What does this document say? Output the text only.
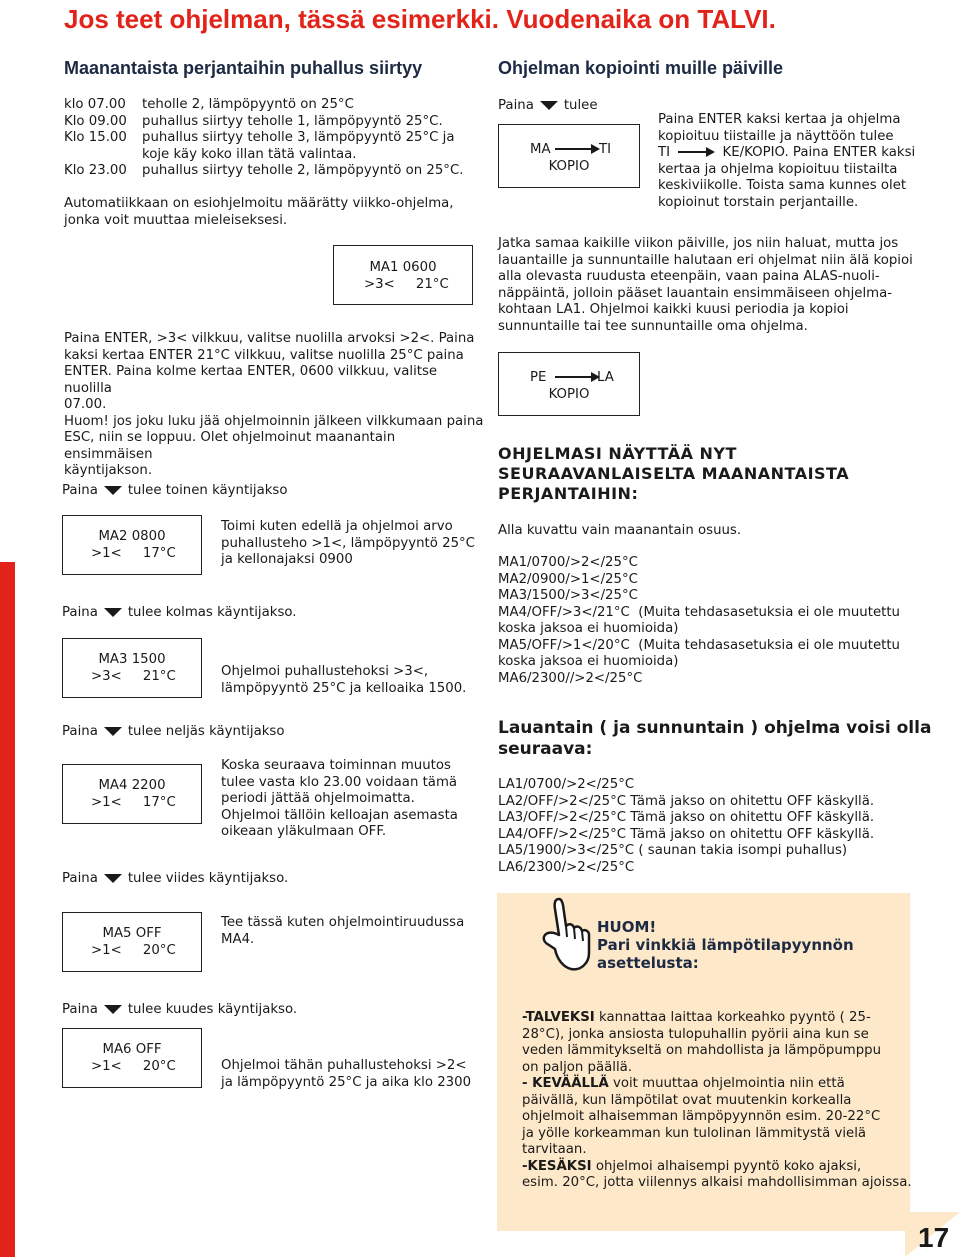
Jos teet ohjelman, tässä esimerkki. Vuodenaika on TALVI.
Maanantaista perjantaihin puhallus siirtyy
klo 07.00	teholle 2, lämpöpyyntö on 25°C
Klo 09.00	puhallus siirtyy teholle 1, lämpöpyyntö 25°C.
Klo 15.00	puhallus siirtyy teholle 3, lämpöpyyntö 25°C ja
koje käy koko illan tätä valintaa.
Klo 23.00	puhallus siirtyy teholle 2, lämpöpyyntö on 25°C.
Automatiikkaan on esiohjelmoitu määrätty viikko-ohjelma,
jonka voit muuttaa mieleiseksesi.
MA1 0600
>3<     21°C
Paina ENTER, >3< vilkkuu, valitse nuolilla arvoksi >2<. Paina
kaksi kertaa ENTER 21°C vilkkuu, valitse nuolilla 25°C paina
ENTER. Paina kolme kertaa ENTER, 0600 vilkkuu, valitse nuolilla
07.00.
Huom! jos joku luku jää ohjelmoinnin jälkeen vilkkumaan paina
ESC, niin se loppuu. Olet ohjelmoinut maanantain ensimmäisen
käyntijakson.
Paina tulee toinen käyntijakso
MA2 0800
>1<     17°C
Toimi kuten edellä ja ohjelmoi arvo
puhallusteho >1<, lämpöpyyntö 25°C
ja kellonajaksi 0900
Paina tulee kolmas käyntijakso.
MA3 1500
>3<     21°C	Ohjelmoi puhallustehoksi >3<,
lämpöpyyntö 25°C ja kelloaika 1500.
Paina tulee neljäs käyntijakso
MA4 2200
>1<     17°C
Koska seuraava toiminnan muutos
tulee vasta klo 23.00 voidaan tämä
periodi jättää ohjelmoimatta.
Ohjelmoi tällöin kelloajan asemasta
oikeaan yläkulmaan OFF.
Paina tulee viides käyntijakso.
MA5 OFF
>1<     20°C
Tee tässä kuten ohjelmointiruudussa
MA4.
Paina tulee kuudes käyntijakso.
MA6 OFF
>1<     20°C	Ohjelmoi tähän puhallustehoksi >2<
ja lämpöpyyntö 25°C ja aika klo 2300
Ohjelman kopiointi muille päiville
Paina tulee
MA	TI
KOPIO
Paina ENTER kaksi kertaa ja ohjelma
kopioituu tiistaille ja näyttöön tulee
TI	KE/KOPIO. Paina ENTER kaksi
kertaa ja ohjelma kopioituu tiistailta
keskiviikolle. Toista sama kunnes olet
kopioinut torstain perjantaille.
Jatka samaa kaikille viikon päiville, jos niin haluat, mutta jos
lauantaille ja sunnuntaille halutaan eri ohjelmat niin älä kopioi
alla olevasta ruudusta eteenpäin, vaan paina ALAS-nuoli-
näppäintä, jolloin pääset lauantain ensimmäiseen ohjelma-
kohtaan LA1. Ohjelmoi kaikki kuusi periodia ja kopioi
sunnuntaille tai tee sunnuntaille oma ohjelma.
PE	LA
KOPIO
OHJELMASI NÄYTTÄÄ NYT
SEURAAVANLAISELTA MAANANTAISTA
PERJANTAIHIN:
Alla kuvattu vain maanantain osuus.
MA1/0700/>2</25°C
MA2/0900/>1</25°C
MA3/1500/>3</25°C
MA4/OFF/>3</21°C  (Muita tehdasasetuksia ei ole muutettu
koska jaksoa ei huomioida)
MA5/OFF/>1</20°C  (Muita tehdasasetuksia ei ole muutettu
koska jaksoa ei huomioida)
MA6/2300//>2</25°C
Lauantain ( ja sunnuntain ) ohjelma voisi olla
seuraava:
LA1/0700/>2</25°C
LA2/OFF/>2</25°C Tämä jakso on ohitettu OFF käskyllä.
LA3/OFF/>2</25°C Tämä jakso on ohitettu OFF käskyllä.
LA4/OFF/>2</25°C Tämä jakso on ohitettu OFF käskyllä.
LA5/1900/>3</25°C ( saunan takia isompi puhallus)
LA6/2300/>2</25°C
HUOM!
Pari vinkkiä lämpötilapyynnön
asettelusta:
-TALVEKSI kannattaa laittaa korkeahko pyyntö ( 25-
28°C), jonka ansiosta tulopuhallin pyörii aina kun se
veden lämmitykseltä on mahdollista ja lämpöpumppu
on paljon päällä.
- KEVÄÄLLÄ voit muuttaa ohjelmointia niin että
päivällä, kun lämpötilat ovat muutenkin korkealla
ohjelmoit alhaisemman lämpöpyynnön esim. 20-22°C
ja yölle korkeamman kun tulolinan lämmitystä vielä
tarvitaan.
-KESÄKSI ohjelmoi alhaisempi pyyntö koko ajaksi,
esim. 20°C, jotta viilennys alkaisi mahdollisimman ajoissa.
17
